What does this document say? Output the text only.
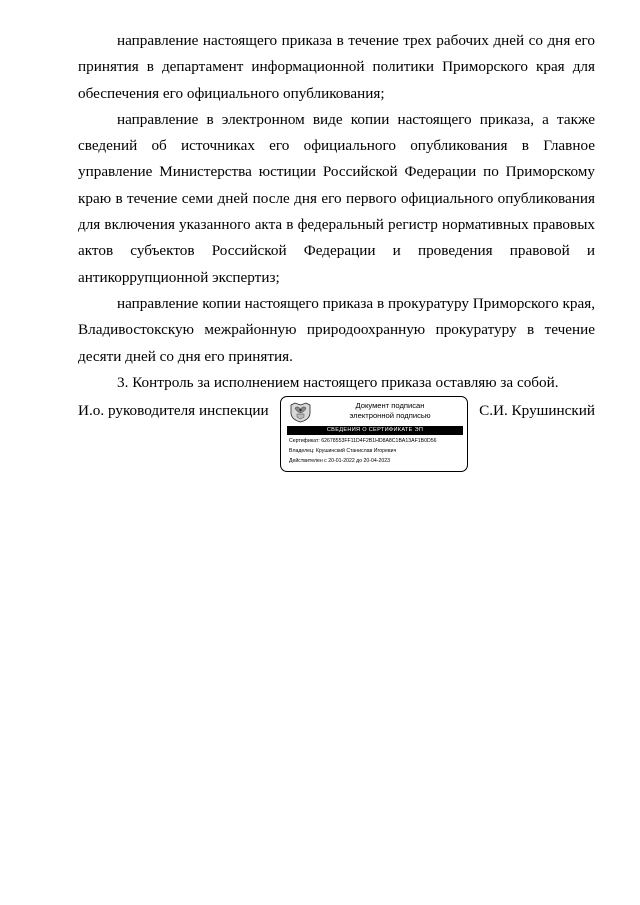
направление настоящего приказа в течение трех рабочих дней со дня его принятия в департамент информационной политики Приморского края для обеспечения его официального опубликования;

направление в электронном виде копии настоящего приказа, а также сведений об источниках его официального опубликования в Главное управление Министерства юстиции Российской Федерации по Приморскому краю в течение семи дней после дня его первого официального опубликования для включения указанного акта в федеральный регистр нормативных правовых актов субъектов Российской Федерации и проведения правовой и антикоррупционной экспертиз;

направление копии настоящего приказа в прокуратуру Приморского края, Владивостокскую межрайонную природоохранную прокуратуру в течение десяти дней со дня его принятия.

3. Контроль за исполнением настоящего приказа оставляю за собой.

И.о. руководителя инспекции	Документ подписан
электронной подписью
СВЕДЕНИЯ О СЕРТИФИКАТЕ ЭП
Сертификат: 62678553FF11D4F2B1HD8A8C1BA13AF1B0D56
Владелец: Крушинский Станислав Игоревич
Действителен с 20-01-2022 до 20-04-2023
С.И. Крушинский
